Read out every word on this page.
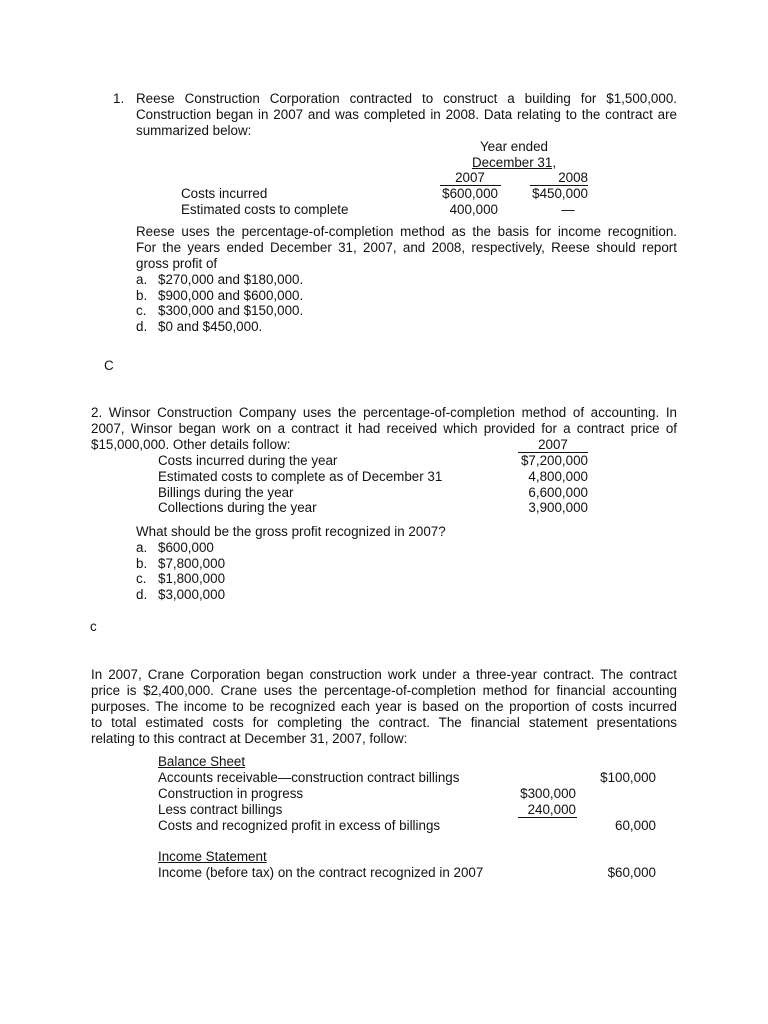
1. Reese Construction Corporation contracted to construct a building for $1,500,000.
Construction began in 2007 and was completed in 2008. Data relating to the contract are
summarized below:
Year ended
December 31,
2007	2008
Costs incurred	$600,000	$450,000
Estimated costs to complete	400,000	—
Reese uses the percentage-of-completion method as the basis for income recognition.
For the years ended December 31, 2007, and 2008, respectively, Reese should report
gross profit of
a. $270,000 and $180,000.
b. $900,000 and $600,000.
c. $300,000 and $150,000.
d. $0 and $450,000.
C
2. Winsor Construction Company uses the percentage-of-completion method of accounting. In
2007, Winsor began work on a contract it had received which provided for a contract price of
$15,000,000. Other details follow:	2007
Costs incurred during the year	$7,200,000
Estimated costs to complete as of December 31	4,800,000
Billings during the year	6,600,000
Collections during the year	3,900,000
What should be the gross profit recognized in 2007?
a. $600,000
b. $7,800,000
c. $1,800,000
d. $3,000,000
c
In 2007, Crane Corporation began construction work under a three-year contract. The contract
price is $2,400,000. Crane uses the percentage-of-completion method for financial accounting
purposes. The income to be recognized each year is based on the proportion of costs incurred
to total estimated costs for completing the contract. The financial statement presentations
relating to this contract at December 31, 2007, follow:
Balance Sheet
Accounts receivable—construction contract billings	$100,000
Construction in progress	$300,000
Less contract billings	240,000
Costs and recognized profit in excess of billings	60,000
Income Statement
Income (before tax) on the contract recognized in 2007	$60,000
